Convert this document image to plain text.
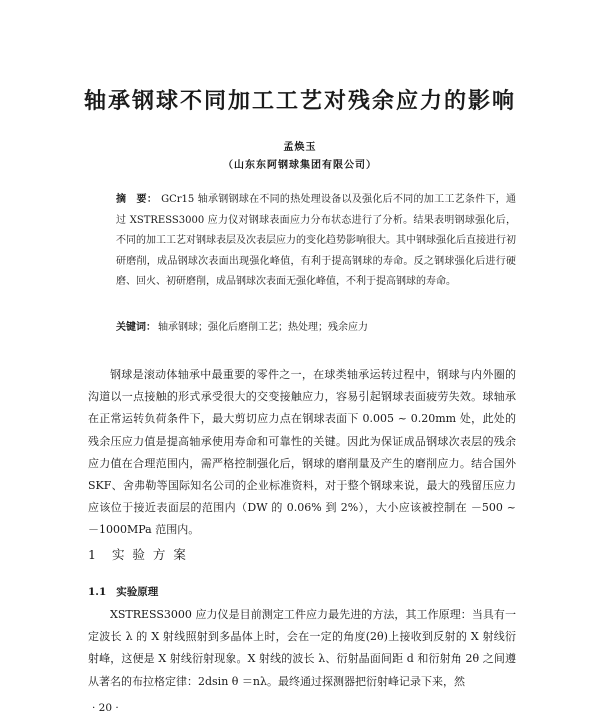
轴承钢球不同加工工艺对残余应力的影响
孟焕玉
（山东东阿钢球集团有限公司）
摘　要： GCr15 轴承钢钢球在不同的热处理设备以及强化后不同的加工工艺条件下，通过 XSTRESS3000 应力仪对钢球表面应力分布状态进行了分析。结果表明钢球强化后，不同的加工工艺对钢球表层及次表层应力的变化趋势影响很大。其中钢球强化后直接进行初研磨削，成品钢球次表面出现强化峰值，有利于提高钢球的寿命。反之钢球强化后进行硬磨、回火、初研磨削，成品钢球次表面无强化峰值，不利于提高钢球的寿命。
关键词： 轴承钢球；强化后磨削工艺；热处理；残余应力

钢球是滚动体轴承中最重要的零件之一，在球类轴承运转过程中，钢球与内外圈的沟道以一点接触的形式承受很大的交变接触应力，容易引起钢球表面疲劳失效。球轴承在正常运转负荷条件下，最大剪切应力点在钢球表面下 0.005 ~ 0.20mm 处，此处的残余压应力值是提高轴承使用寿命和可靠性的关键。因此为保证成品钢球次表层的残余应力值在合理范围内，需严格控制强化后，钢球的磨削量及产生的磨削应力。结合国外 SKF、舍弗勒等国际知名公司的企业标准资料，对于整个钢球来说，最大的残留压应力应该位于接近表面层的范围内（DW 的 0.06% 到 2%），大小应该被控制在 －500 ~ －1000MPa 范围内。

1 实 验 方 案
1.1 实验原理

XSTRESS3000 应力仪是目前测定工件应力最先进的方法，其工作原理：当具有一定波长 λ 的 X 射线照射到多晶体上时，会在一定的角度(2θ)上接收到反射的 X 射线衍射峰，这便是 X 射线衍射现象。X 射线的波长 λ、衍射晶面间距 d 和衍射角 2θ 之间遵从著名的布拉格定律：2dsin θ ＝nλ。最终通过探测器把衍射峰记录下来，然

· 20 ·
